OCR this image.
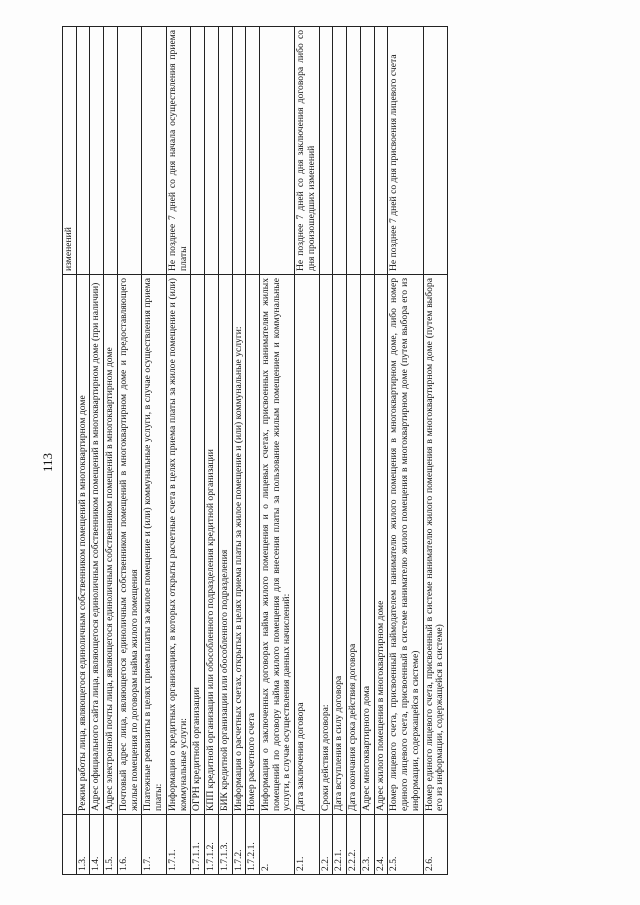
113
		изменений
1.3.	Режим работы лица, являющегося единоличным собственником помещений в многоквартирном доме	
1.4.	Адрес официального сайта лица, являющегося единоличным собственником помещений в многоквартирном доме (при наличии)	
1.5.	Адрес электронной почты лица, являющегося единоличным собственником помещений в многоквартирном доме	
1.6.	Почтовый адрес лица, являющегося единоличным собственником помещений в многоквартирном доме и предоставляющего жилые помещения по договорам найма жилого помещения	
1.7.	Платежные реквизиты в целях приема платы за жилое помещение и (или) коммунальные услуги, в случае осуществления приема платы:	
1.7.1.	Информация о кредитных организациях, в которых открыты расчетные счета в целях приема платы за жилое помещение и (или) коммунальные услуги:	Не позднее 7 дней со дня начала осуществления приема платы
1.7.1.1.	ОГРН кредитной организации	
1.7.1.2.	КПП кредитной организации или обособленного подразделения кредитной организации	
1.7.1.3.	БИК кредитной организации или обособленного подразделения	
1.7.2.	Информация о расчетных счетах, открытых в целях приема платы за жилое помещение и (или) коммунальные услуги:	
1.7.2.1.	Номер расчетного счета	
2.	Информация о заключенных договорах найма жилого помещения и о лицевых счетах, присвоенных нанимателям жилых помещений по договору найма жилого помещения для внесения платы за пользование жилым помещением и коммунальные услуги, в случае осуществления данных начислений:	
2.1.	Дата заключения договора	Не позднее 7 дней со дня заключения договора либо со дня произошедших изменений
2.2.	Сроки действия договора:	
2.2.1.	Дата вступления в силу договора	
2.2.2.	Дата окончания срока действия договора	
2.3.	Адрес многоквартирного дома	
2.4.	Адрес жилого помещения в многоквартирном доме	
2.5.	Номер лицевого счета, присвоенный наймодателем нанимателю жилого помещения в многоквартирном доме, либо номер единого лицевого счета, присвоенный в системе нанимателю жилого помещения в многоквартирном доме (путем выбора его из информации, содержащейся в системе)	Не позднее 7 дней со дня присвоения лицевого счета
2.6.	Номер единого лицевого счета, присвоенный в системе нанимателю жилого помещения в многоквартирном доме (путем выбора его из информации, содержащейся в системе)	
